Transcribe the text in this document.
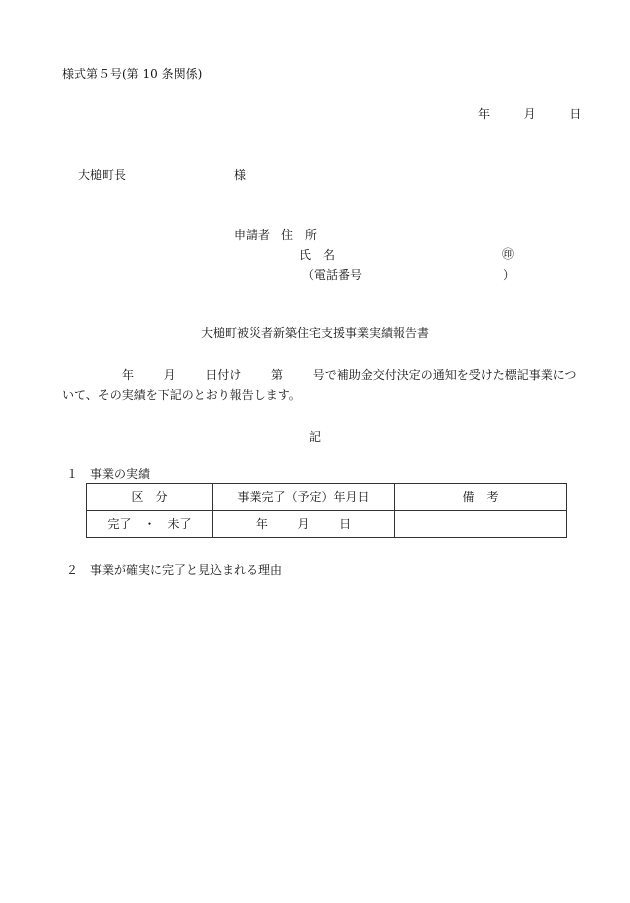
様式第５号(第 10 条関係)
年	月	日
大槌町長	様
申請者 住　所
氏　名	㊞
（電話番号	）
大槌町被災者新築住宅支援事業実績報告書
年 月 日付け 第 号で補助金交付決定の通知を受けた標記事業につ
いて、その実績を下記のとおり報告します。
記
１　事業の実績
区　分	事業完了（予定）年月日	備　考
完了　・　未了	年 月 日	
２　事業が確実に完了と見込まれる理由
